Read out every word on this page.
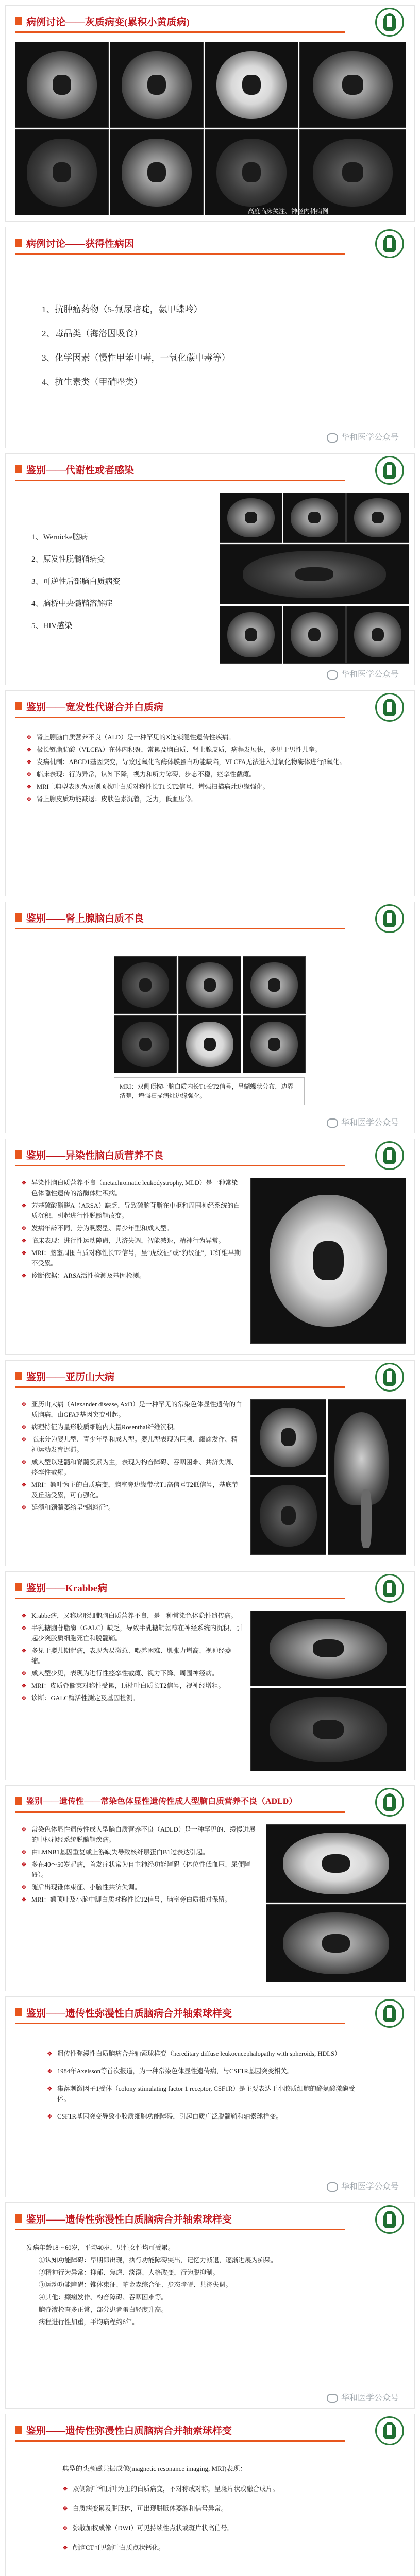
病例讨论——灰质病变(累积小黄质病)
高度临床关注、神经内科病例
病例讨论——获得性病因
1、抗肿瘤药物（5-氟尿嘧啶，氨甲蝶呤）
2、毒品类（海洛因吸食）
3、化学因素（慢性甲苯中毒，一氧化碳中毒等）
4、抗生素类（甲硝唑类）
华和医学公众号
鉴别——代谢性或者感染
1、Wernicke脑病
2、原发性脱髓鞘病变
3、可逆性后部脑白质病变
4、脑桥中央髓鞘溶解症
5、HIV感染
华和医学公众号
鉴别——宽发性代谢合并白质病
❖ 肾上腺脑白质营养不良（ALD）是一种罕见的X连锁隐性遗传性疾病。
❖ 极长链脂肪酸（VLCFA）在体内积聚，常累及脑白质、肾上腺皮质，病程发展快，多见于男性儿童。
❖ 发病机制：ABCD1基因突变，导致过氧化物酶体膜蛋白功能缺陷，VLCFA无法进入过氧化物酶体进行β氧化。
❖ 临床表现：行为异常，认知下降，视力和听力障碍，步态不稳，痉挛性截瘫。
❖ MRI上典型表现为双侧顶枕叶白质对称性长T1长T2信号，增强扫描病灶边缘强化。
❖ 肾上腺皮质功能减退：皮肤色素沉着，乏力，低血压等。
鉴别——肾上腺脑白质不良
MRI：双侧顶枕叶脑白质内长T1长T2信号，呈蝴蝶状分布，边界清楚，增强扫描病灶边缘强化。
华和医学公众号
鉴别——异染性脑白质营养不良
❖ 异染性脑白质营养不良（metachromatic leukodystrophy, MLD）是一种常染色体隐性遗传的溶酶体贮积病。
❖ 芳基硫酸酯酶A（ARSA）缺乏，导致硫脑苷脂在中枢和周围神经系统的白质沉积，引起进行性脱髓鞘改变。
❖ 发病年龄不同，分为晚婴型、青少年型和成人型。
❖ 临床表现：进行性运动障碍，共济失调，智能减退，精神行为异常。
❖ MRI：脑室周围白质对称性长T2信号，呈“虎纹征”或“豹纹征”，U纤维早期不受累。
❖ 诊断依据：ARSA活性检测及基因检测。
鉴别——亚历山大病
❖ 亚历山大病（Alexander disease, AxD）是一种罕见的常染色体显性遗传的白质脑病，由GFAP基因突变引起。
❖ 病理特征为星形胶质细胞内大量Rosenthal纤维沉积。
❖ 临床分为婴儿型、青少年型和成人型。婴儿型表现为巨颅、癫痫发作、精神运动发育迟滞。
❖ 成人型以延髓和脊髓受累为主，表现为构音障碍、吞咽困难、共济失调、痉挛性截瘫。
❖ MRI：额叶为主的白质病变，脑室旁边缘带状T1高信号T2低信号，基底节及丘脑受累，可有强化。
❖ 延髓和颈髓萎缩呈“蝌蚪征”。
鉴别——Krabbe病
❖ Krabbe病，又称球形细胞脑白质营养不良，是一种常染色体隐性遗传病。
❖ 半乳糖脑苷脂酶（GALC）缺乏，导致半乳糖鞘氨醇在神经系统内沉积，引起少突胶质细胞死亡和脱髓鞘。
❖ 多见于婴儿期起病，表现为易激惹、喂养困难、肌张力增高、视神经萎缩。
❖ 成人型少见，表现为进行性痉挛性截瘫、视力下降、周围神经病。
❖ MRI：皮质脊髓束对称性受累，顶枕叶白质长T2信号，视神经增粗。
❖ 诊断：GALC酶活性测定及基因检测。
鉴别——遗传性——常染色体显性遗传性成人型脑白质营养不良（ADLD）
❖ 常染色体显性遗传性成人型脑白质营养不良（ADLD）是一种罕见的、缓慢进展的中枢神经系统脱髓鞘疾病。
❖ 由LMNB1基因重复或上游缺失导致核纤层蛋白B1过表达引起。
❖ 多在40～50岁起病，首发症状常为自主神经功能障碍（体位性低血压、尿便障碍）。
❖ 随后出现锥体束征、小脑性共济失调。
❖ MRI：额顶叶及小脑中脚白质对称性长T2信号，脑室旁白质相对保留。
鉴别——遗传性弥漫性白质脑病合并轴索球样变
❖ 遗传性弥漫性白质脑病合并轴索球样变（hereditary diffuse leukoencephalopathy with spheroids, HDLS）
❖ 1984年Axelsson等首次报道，为一种常染色体显性遗传病，与CSF1R基因突变相关。
❖ 集落刺激因子1受体（colony stimulating factor 1 receptor, CSF1R）是主要表达于小胶质细胞的酪氨酸激酶受体。
❖ CSF1R基因突变导致小胶质细胞功能障碍，引起白质广泛脱髓鞘和轴索球样变。
华和医学公众号
鉴别——遗传性弥漫性白质脑病合并轴索球样变
发病年龄18～60岁，平均40岁，男性女性均可受累。
①认知功能障碍：早期即出现，执行功能障碍突出，记忆力减退，逐渐进展为痴呆。
②精神行为异常：抑郁、焦虑、淡漠、人格改变，行为脱抑制。
③运动功能障碍：锥体束征、帕金森综合征、步态障碍、共济失调。
④其他：癫痫发作、构音障碍、吞咽困难等。
脑脊液检查多正常，部分患者蛋白轻度升高。
病程进行性加重，平均病程约6年。
华和医学公众号
鉴别——遗传性弥漫性白质脑病合并轴索球样变
典型的头颅磁共振成像(magnetic resonance imaging, MRI)表现：
❖ 双侧额叶和顶叶为主的白质病变，不对称或对称，呈斑片状或融合成片。
❖ 白质病变累及胼胝体，可出现胼胝体萎缩和信号异常。
❖ 弥散加权成像（DWI）可见持续性点状或斑片状高信号。
❖ 颅脑CT可见额叶白质点状钙化。
